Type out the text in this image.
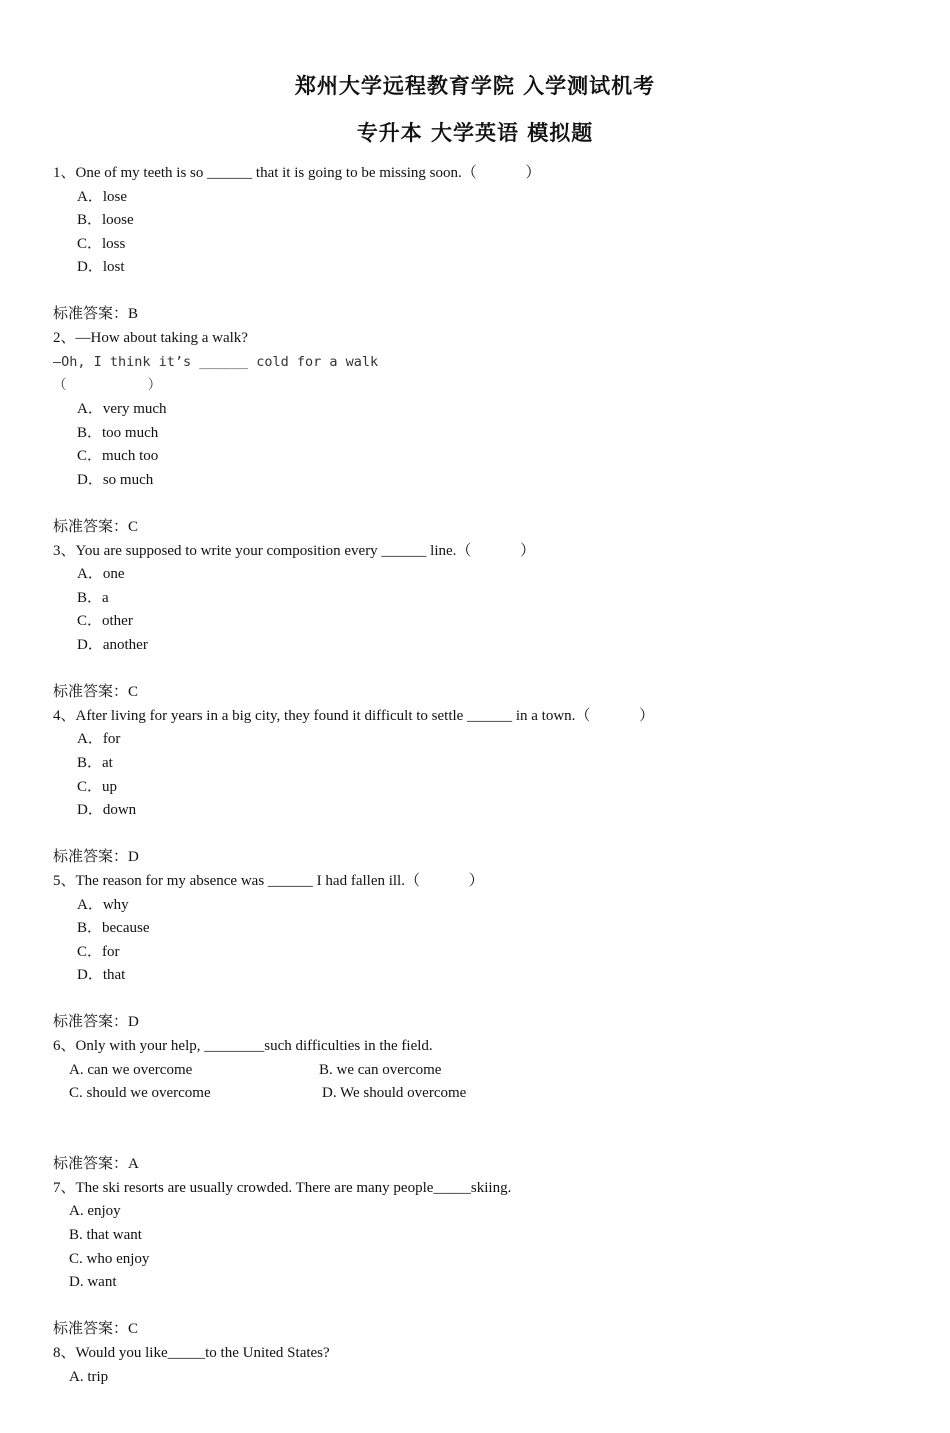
郑州大学远程教育学院 入学测试机考
专升本 大学英语 模拟题
1、One of my teeth is so ______ that it is going to be missing soon.（             ）
A．lose
B．loose
C．loss
D．lost
标准答案：B
2、—How about taking a walk?
—Oh, I think it’s ______ cold for a walk
（          ）
A．very much
B．too much
C．much too
D．so much
标准答案：C
3、You are supposed to write your composition every ______ line.（             ）
A．one
B．a
C．other
D．another
标准答案：C
4、After living for years in a big city, they found it difficult to settle ______ in a town.（             ）
A．for
B．at
C．up
D．down
标准答案：D
5、The reason for my absence was ______ I had fallen ill.（             ）
A．why
B．because
C．for
D．that
标准答案：D
6、Only with your help, ________such difficulties in the field.
A. can we overcome	B. we can overcome
C. should we overcome	D. We should overcome
标准答案：A
7、The ski resorts are usually crowded. There are many people_____skiing.
A. enjoy
B. that want
C. who enjoy
D. want
标准答案：C
8、Would you like_____to the United States?
A. trip
